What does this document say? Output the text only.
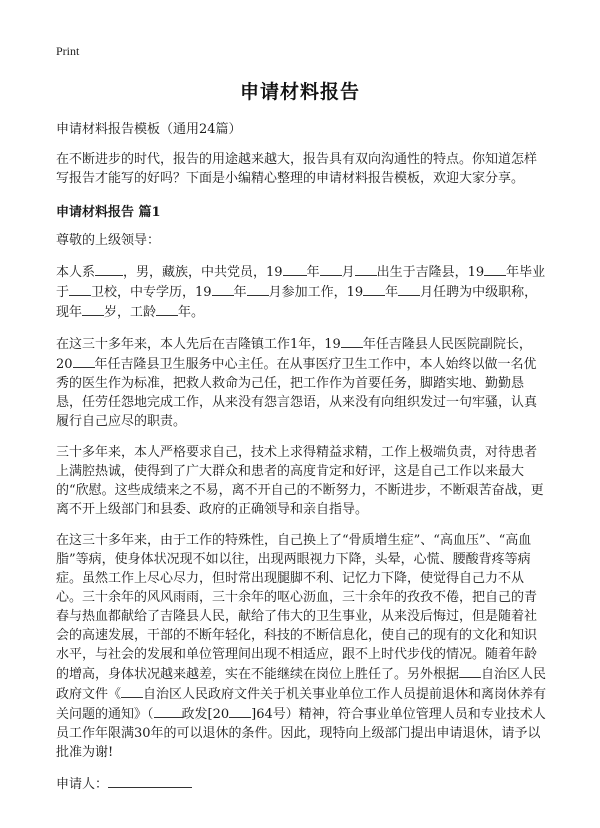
Print
申请材料报告

申请材料报告模板（通用24篇）

在不断进步的时代，报告的用途越来越大，报告具有双向沟通性的特点。你知道怎样写报告才能写的好吗？下面是小编精心整理的申请材料报告模板，欢迎大家分享。

申请材料报告 篇1

尊敬的上级领导：

本人系 ，男，藏族，中共党员，19 年 月 出生于吉隆县，19 年毕业于 卫校，中专学历，19 年 月参加工作，19 年 月任聘为中级职称，现年 岁，工龄 年。

在这三十多年来，本人先后在吉隆镇工作1年，19 年任吉隆县人民医院副院长，20 年任吉隆县卫生服务中心主任。在从事医疗卫生工作中，本人始终以做一名优秀的医生作为标准，把救人救命为己任，把工作作为首要任务，脚踏实地、勤勤恳恳，任劳任怨地完成工作，从来没有怨言怨语，从来没有向组织发过一句牢骚，认真履行自己应尽的职责。

三十多年来，本人严格要求自己，技术上求得精益求精，工作上极端负责，对待患者上满腔热诚，使得到了广大群众和患者的高度肯定和好评，这是自己工作以来最大的“欣慰。这些成绩来之不易，离不开自己的不断努力，不断进步，不断艰苦奋战，更离不开上级部门和县委、政府的正确领导和亲自指导。

在这三十多年来，由于工作的特殊性，自己换上了“骨质增生症”、“高血压”、“高血脂”等病，使身体状况现不如以往，出现两眼视力下降，头晕，心慌、腰酸背疼等病症。虽然工作上尽心尽力，但时常出现腿脚不利、记忆力下降，使觉得自己力不从心。三十余年的风风雨雨，三十余年的呕心沥血，三十余年的孜孜不倦，把自己的青春与热血都献给了吉隆县人民，献给了伟大的卫生事业，从来没后悔过，但是随着社会的高速发展，干部的不断年轻化，科技的不断信息化，使自己的现有的文化和知识水平，与社会的发展和单位管理间出现不相适应，跟不上时代步伐的情况。随着年龄的增高，身体状况越来越差，实在不能继续在岗位上胜任了。另外根据 自治区人民政府文件《 自治区人民政府文件关于机关事业单位工作人员提前退休和离岗休养有关问题的通知》（ 政发[20 ]64号）精神，符合事业单位管理人员和专业技术人员工作年限满30年的可以退休的条件。因此，现特向上级部门提出申请退休，请予以批准为谢!

申请人：
